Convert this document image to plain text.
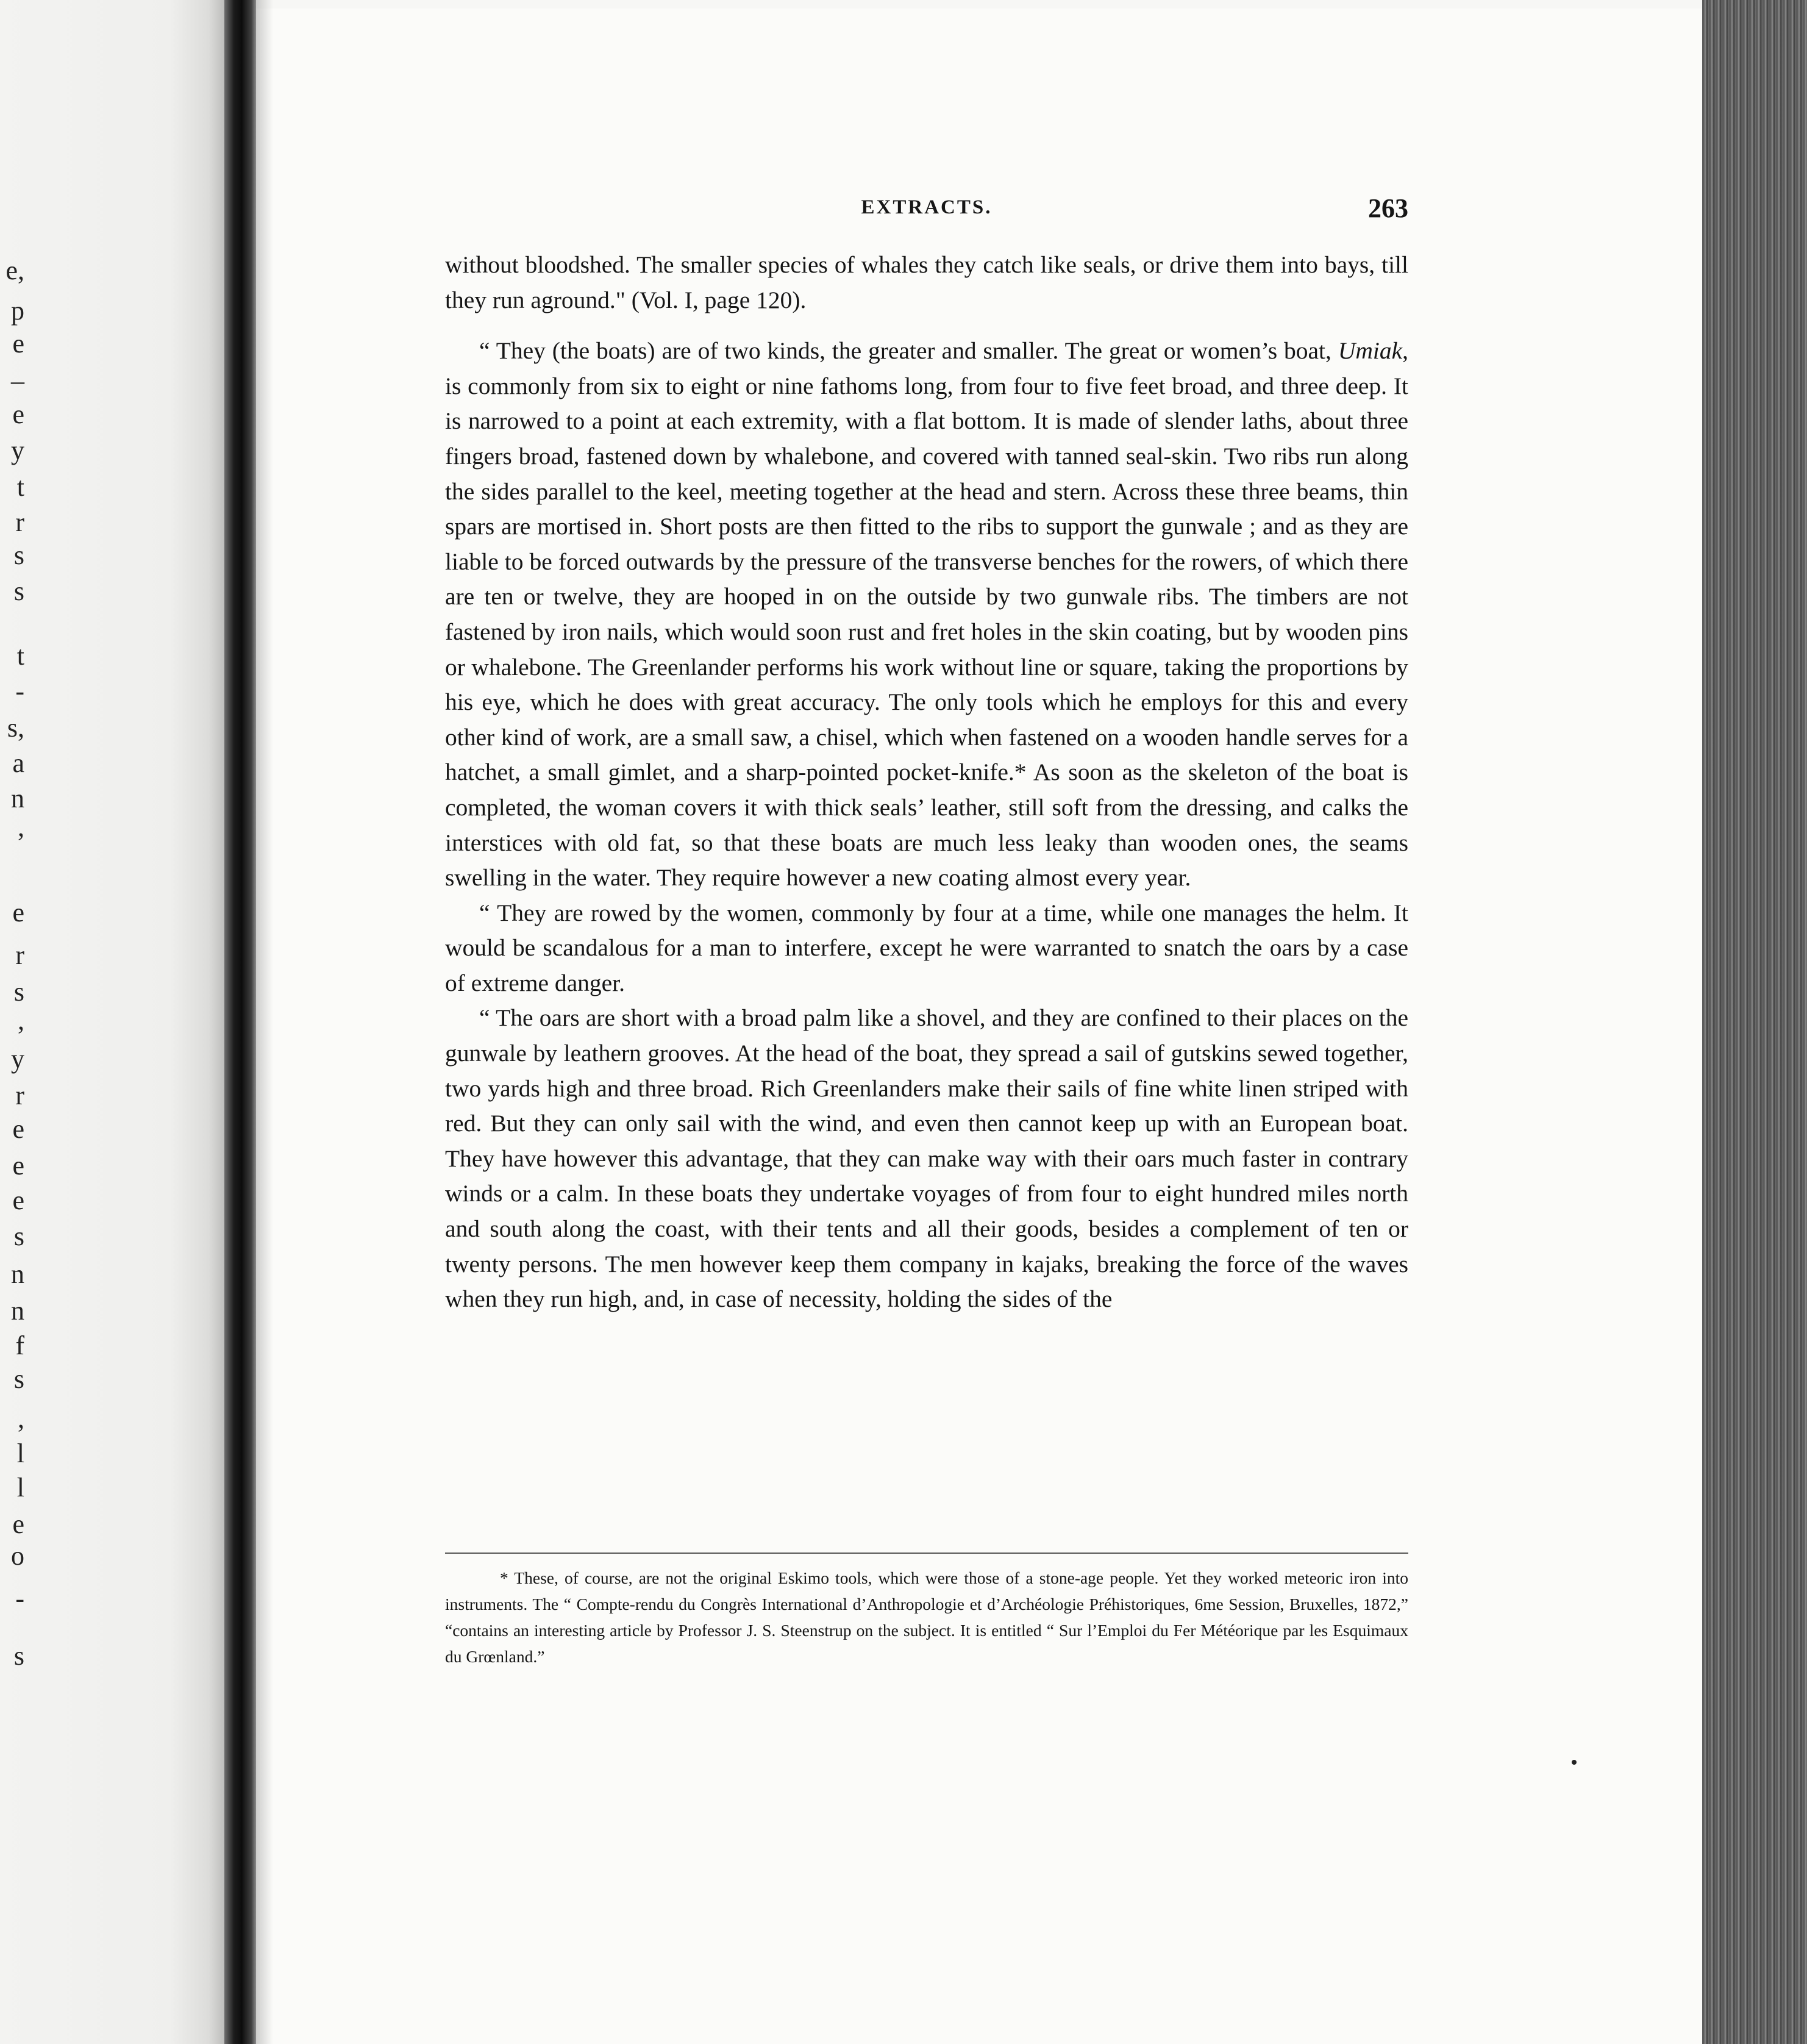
e,
p
e
–
e
y
t
r
s
s
t
-
s,
a
n
,
e
r
s
,
y
r
e
e
e
s
n
n
f
s
,
l
l
e
o
-
s
EXTRACTS.	263

without bloodshed. The smaller species of whales they catch like seals, or drive them into bays, till they run aground." (Vol. I, page 120).

“ They (the boats) are of two kinds, the greater and smaller. The great or women’s boat, Umiak, is commonly from six to eight or nine fathoms long, from four to five feet broad, and three deep. It is narrowed to a point at each extremity, with a flat bottom. It is made of slender laths, about three fingers broad, fastened down by whalebone, and covered with tanned seal-skin. Two ribs run along the sides parallel to the keel, meeting together at the head and stern. Across these three beams, thin spars are mortised in. Short posts are then fitted to the ribs to support the gunwale ; and as they are liable to be forced outwards by the pressure of the transverse benches for the rowers, of which there are ten or twelve, they are hooped in on the outside by two gunwale ribs. The timbers are not fastened by iron nails, which would soon rust and fret holes in the skin coating, but by wooden pins or whalebone. The Greenlander performs his work without line or square, taking the proportions by his eye, which he does with great accuracy. The only tools which he employs for this and every other kind of work, are a small saw, a chisel, which when fastened on a wooden handle serves for a hatchet, a small gimlet, and a sharp-pointed pocket-knife.* As soon as the skeleton of the boat is completed, the woman covers it with thick seals’ leather, still soft from the dressing, and calks the interstices with old fat, so that these boats are much less leaky than wooden ones, the seams swelling in the water. They require however a new coating almost every year.

“ They are rowed by the women, commonly by four at a time, while one manages the helm. It would be scandalous for a man to interfere, except he were warranted to snatch the oars by a case of extreme danger.

“ The oars are short with a broad palm like a shovel, and they are confined to their places on the gunwale by leathern grooves. At the head of the boat, they spread a sail of gutskins sewed together, two yards high and three broad. Rich Greenlanders make their sails of fine white linen striped with red. But they can only sail with the wind, and even then cannot keep up with an European boat. They have however this advantage, that they can make way with their oars much faster in contrary winds or a calm. In these boats they undertake voyages of from four to eight hundred miles north and south along the coast, with their tents and all their goods, besides a complement of ten or twenty persons. The men however keep them company in kajaks, breaking the force of the waves when they run high, and, in case of necessity, holding the sides of the

* These, of course, are not the original Eskimo tools, which were those of a stone-age people. Yet they worked meteoric iron into instruments. The “ Compte-rendu du Congrès International d’Anthropologie et d’Archéologie Préhistoriques, 6me Session, Bruxelles, 1872,” “contains an interesting article by Professor J. S. Steenstrup on the subject. It is entitled “ Sur l’Emploi du Fer Météorique par les Esquimaux du Grœnland.”
